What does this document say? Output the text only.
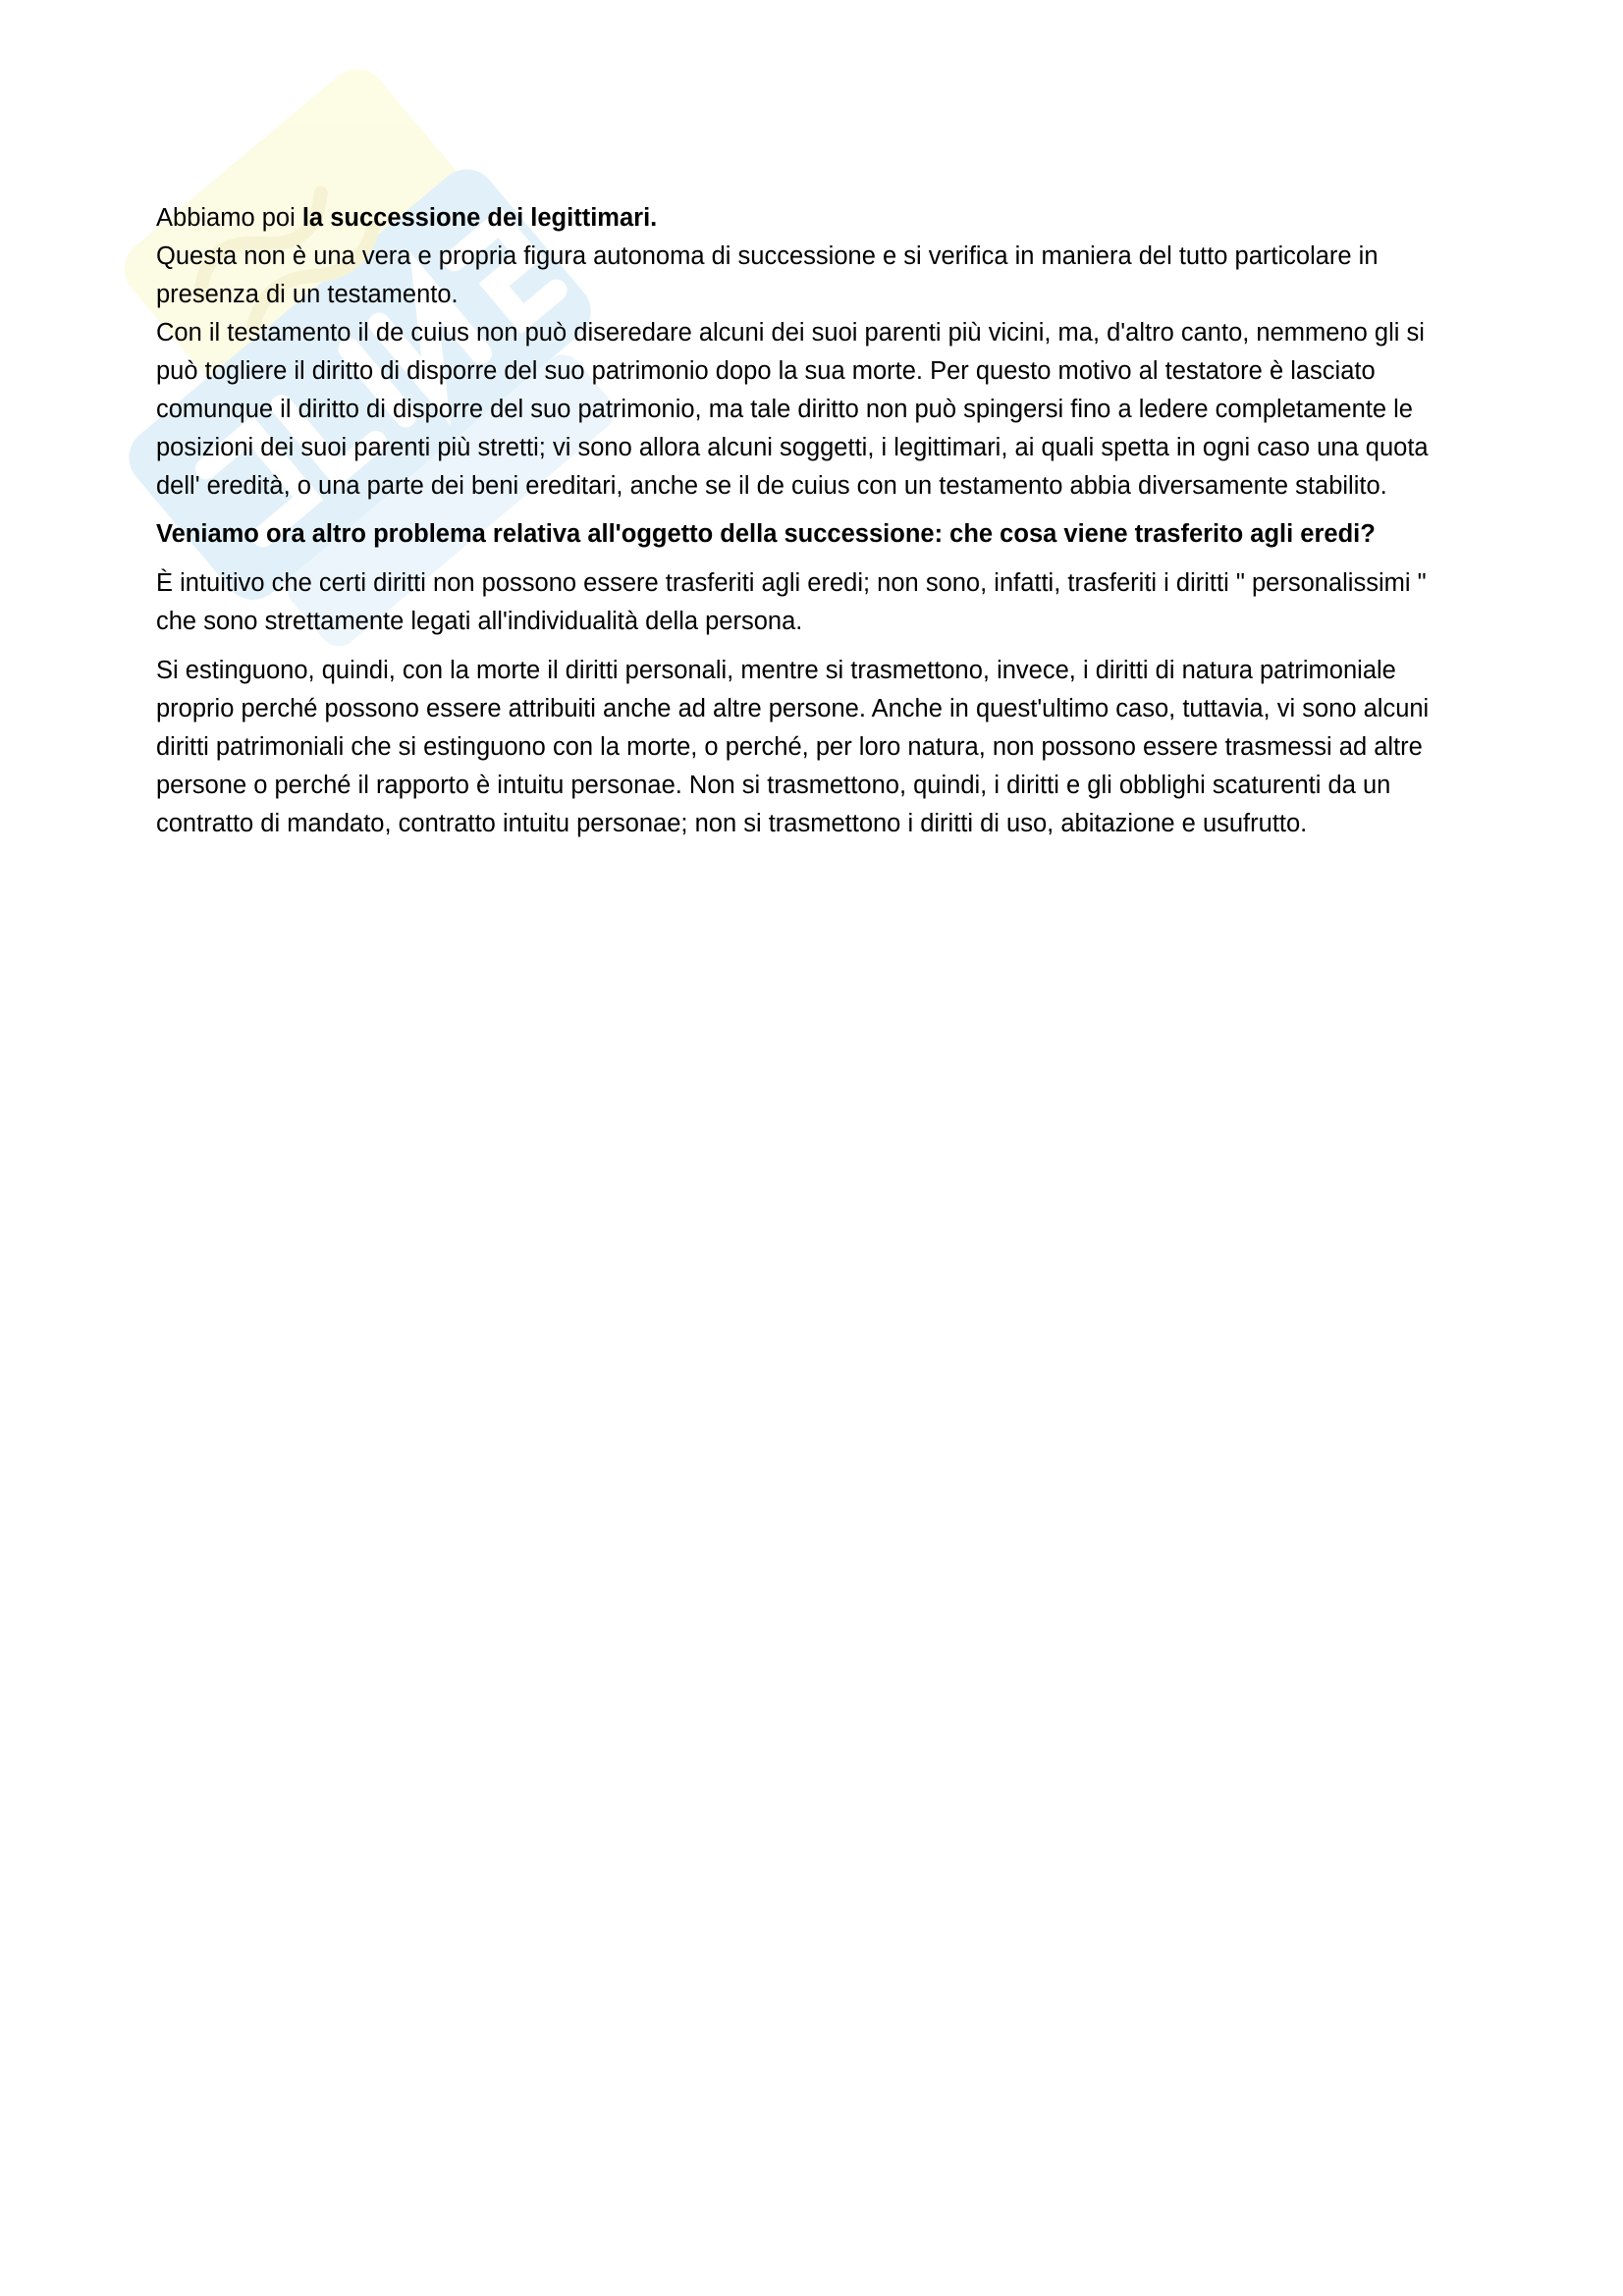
Abbiamo poi la successione dei legittimari.

Questa non è una vera e propria figura autonoma di successione e si verifica in maniera del tutto particolare in presenza di un testamento.

Con il testamento il de cuius non può diseredare alcuni dei suoi parenti più vicini, ma, d'altro canto, nemmeno gli si può togliere il diritto di disporre del suo patrimonio dopo la sua morte. Per questo motivo al testatore è lasciato comunque il diritto di disporre del suo patrimonio, ma tale diritto non può spingersi fino a ledere completamente le posizioni dei suoi parenti più stretti; vi sono allora alcuni soggetti, i legittimari, ai quali spetta in ogni caso una quota dell' eredità, o una parte dei beni ereditari, anche se il de cuius con un testamento abbia diversamente stabilito.

Veniamo ora altro problema relativa all'oggetto della successione: che cosa viene trasferito agli eredi?

È intuitivo che certi diritti non possono essere trasferiti agli eredi; non sono, infatti, trasferiti i diritti " personalissimi " che sono strettamente legati all'individualità della persona.

Si estinguono, quindi, con la morte il diritti personali, mentre si trasmettono, invece, i diritti di natura patrimoniale proprio perché possono essere attribuiti anche ad altre persone. Anche in quest'ultimo caso, tuttavia, vi sono alcuni diritti patrimoniali che si estinguono con la morte, o perché, per loro natura, non possono essere trasmessi ad altre persone o perché il rapporto è intuitu personae. Non si trasmettono, quindi, i diritti e gli obblighi scaturenti da un contratto di mandato, contratto intuitu personae; non si trasmettono i diritti di uso, abitazione e usufrutto.
